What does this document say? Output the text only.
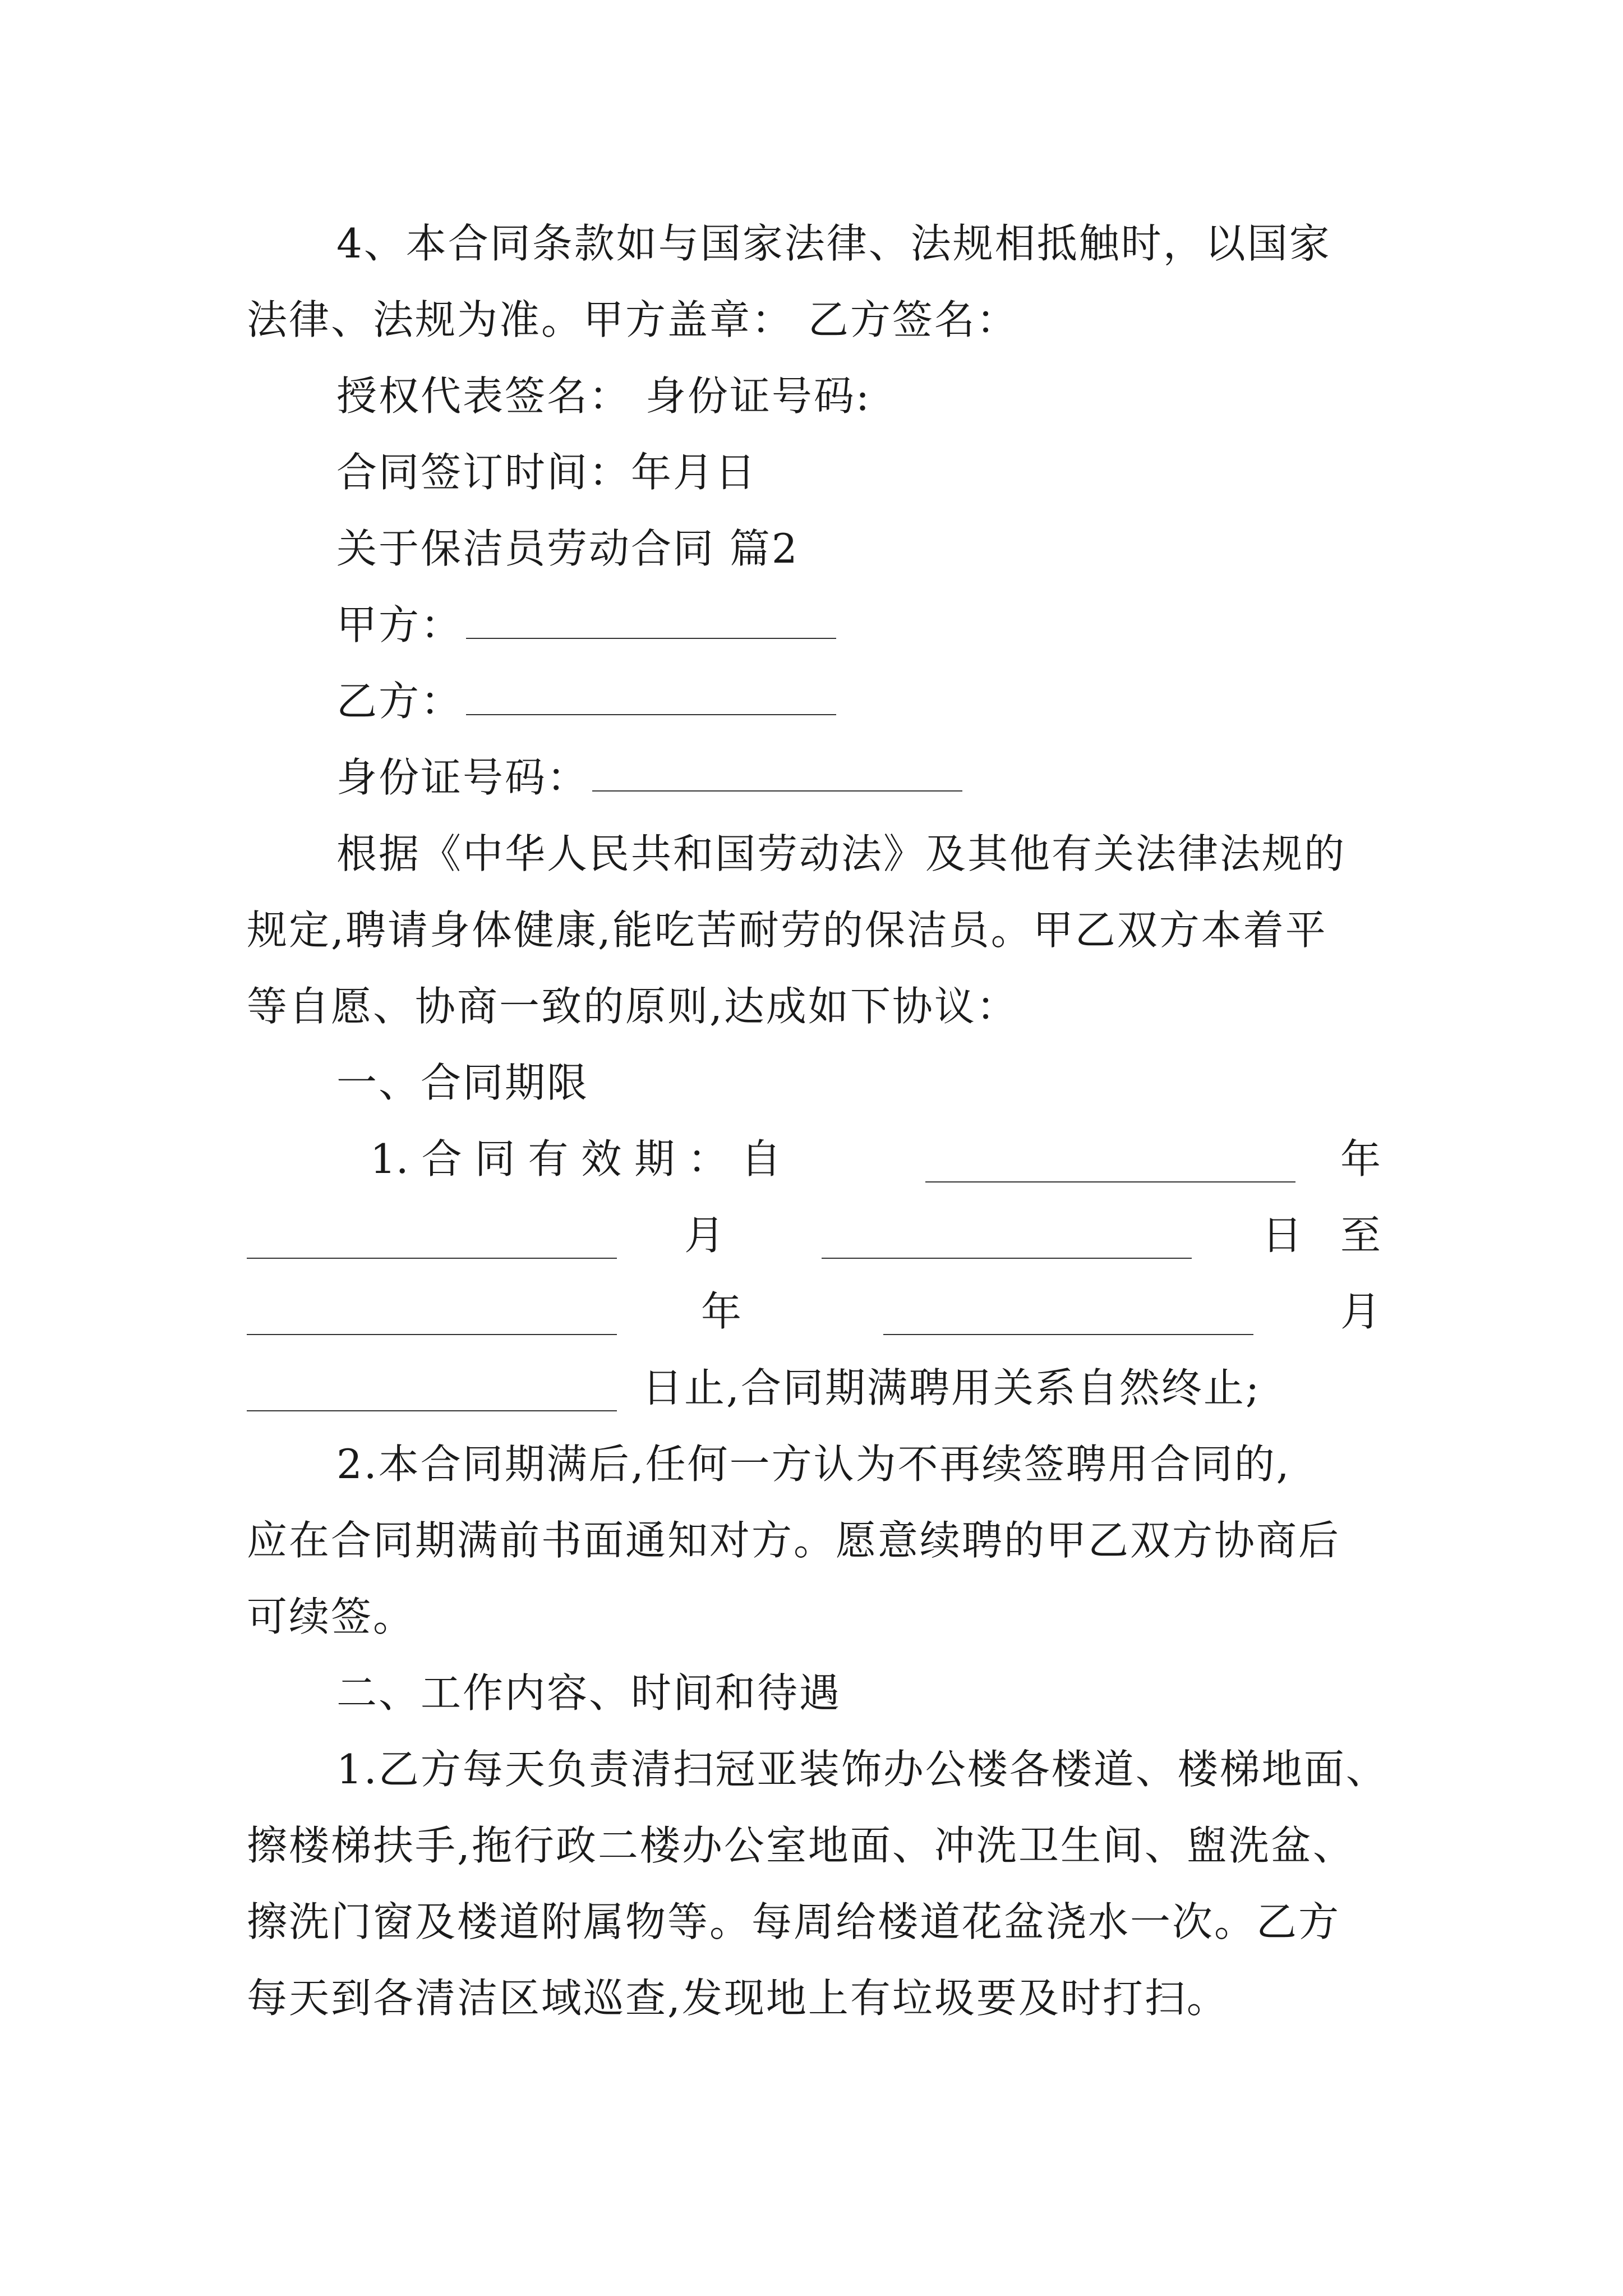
4、本合同条款如与国家法律、法规相抵触时，以国家
法律、法规为准。甲方盖章： 乙方签名：
授权代表签名： 身份证号码:
合同签订时间：年月日
关于保洁员劳动合同 篇2
甲方：
乙方：
身份证号码：
根据《中华人民共和国劳动法》及其他有关法律法规的
规定,聘请身体健康,能吃苦耐劳的保洁员。甲乙双方本着平
等自愿、协商一致的原则,达成如下协议：
一、合同期限
1. 合 同 有 效 期 ： 自	年
月	日 至
年	月
日止,合同期满聘用关系自然终止;
2.本合同期满后,任何一方认为不再续签聘用合同的,
应在合同期满前书面通知对方。愿意续聘的甲乙双方协商后
可续签。
二、工作内容、时间和待遇
1.乙方每天负责清扫冠亚装饰办公楼各楼道、楼梯地面、
擦楼梯扶手,拖行政二楼办公室地面、冲洗卫生间、盥洗盆、
擦洗门窗及楼道附属物等。每周给楼道花盆浇水一次。乙方
每天到各清洁区域巡查,发现地上有垃圾要及时打扫。
